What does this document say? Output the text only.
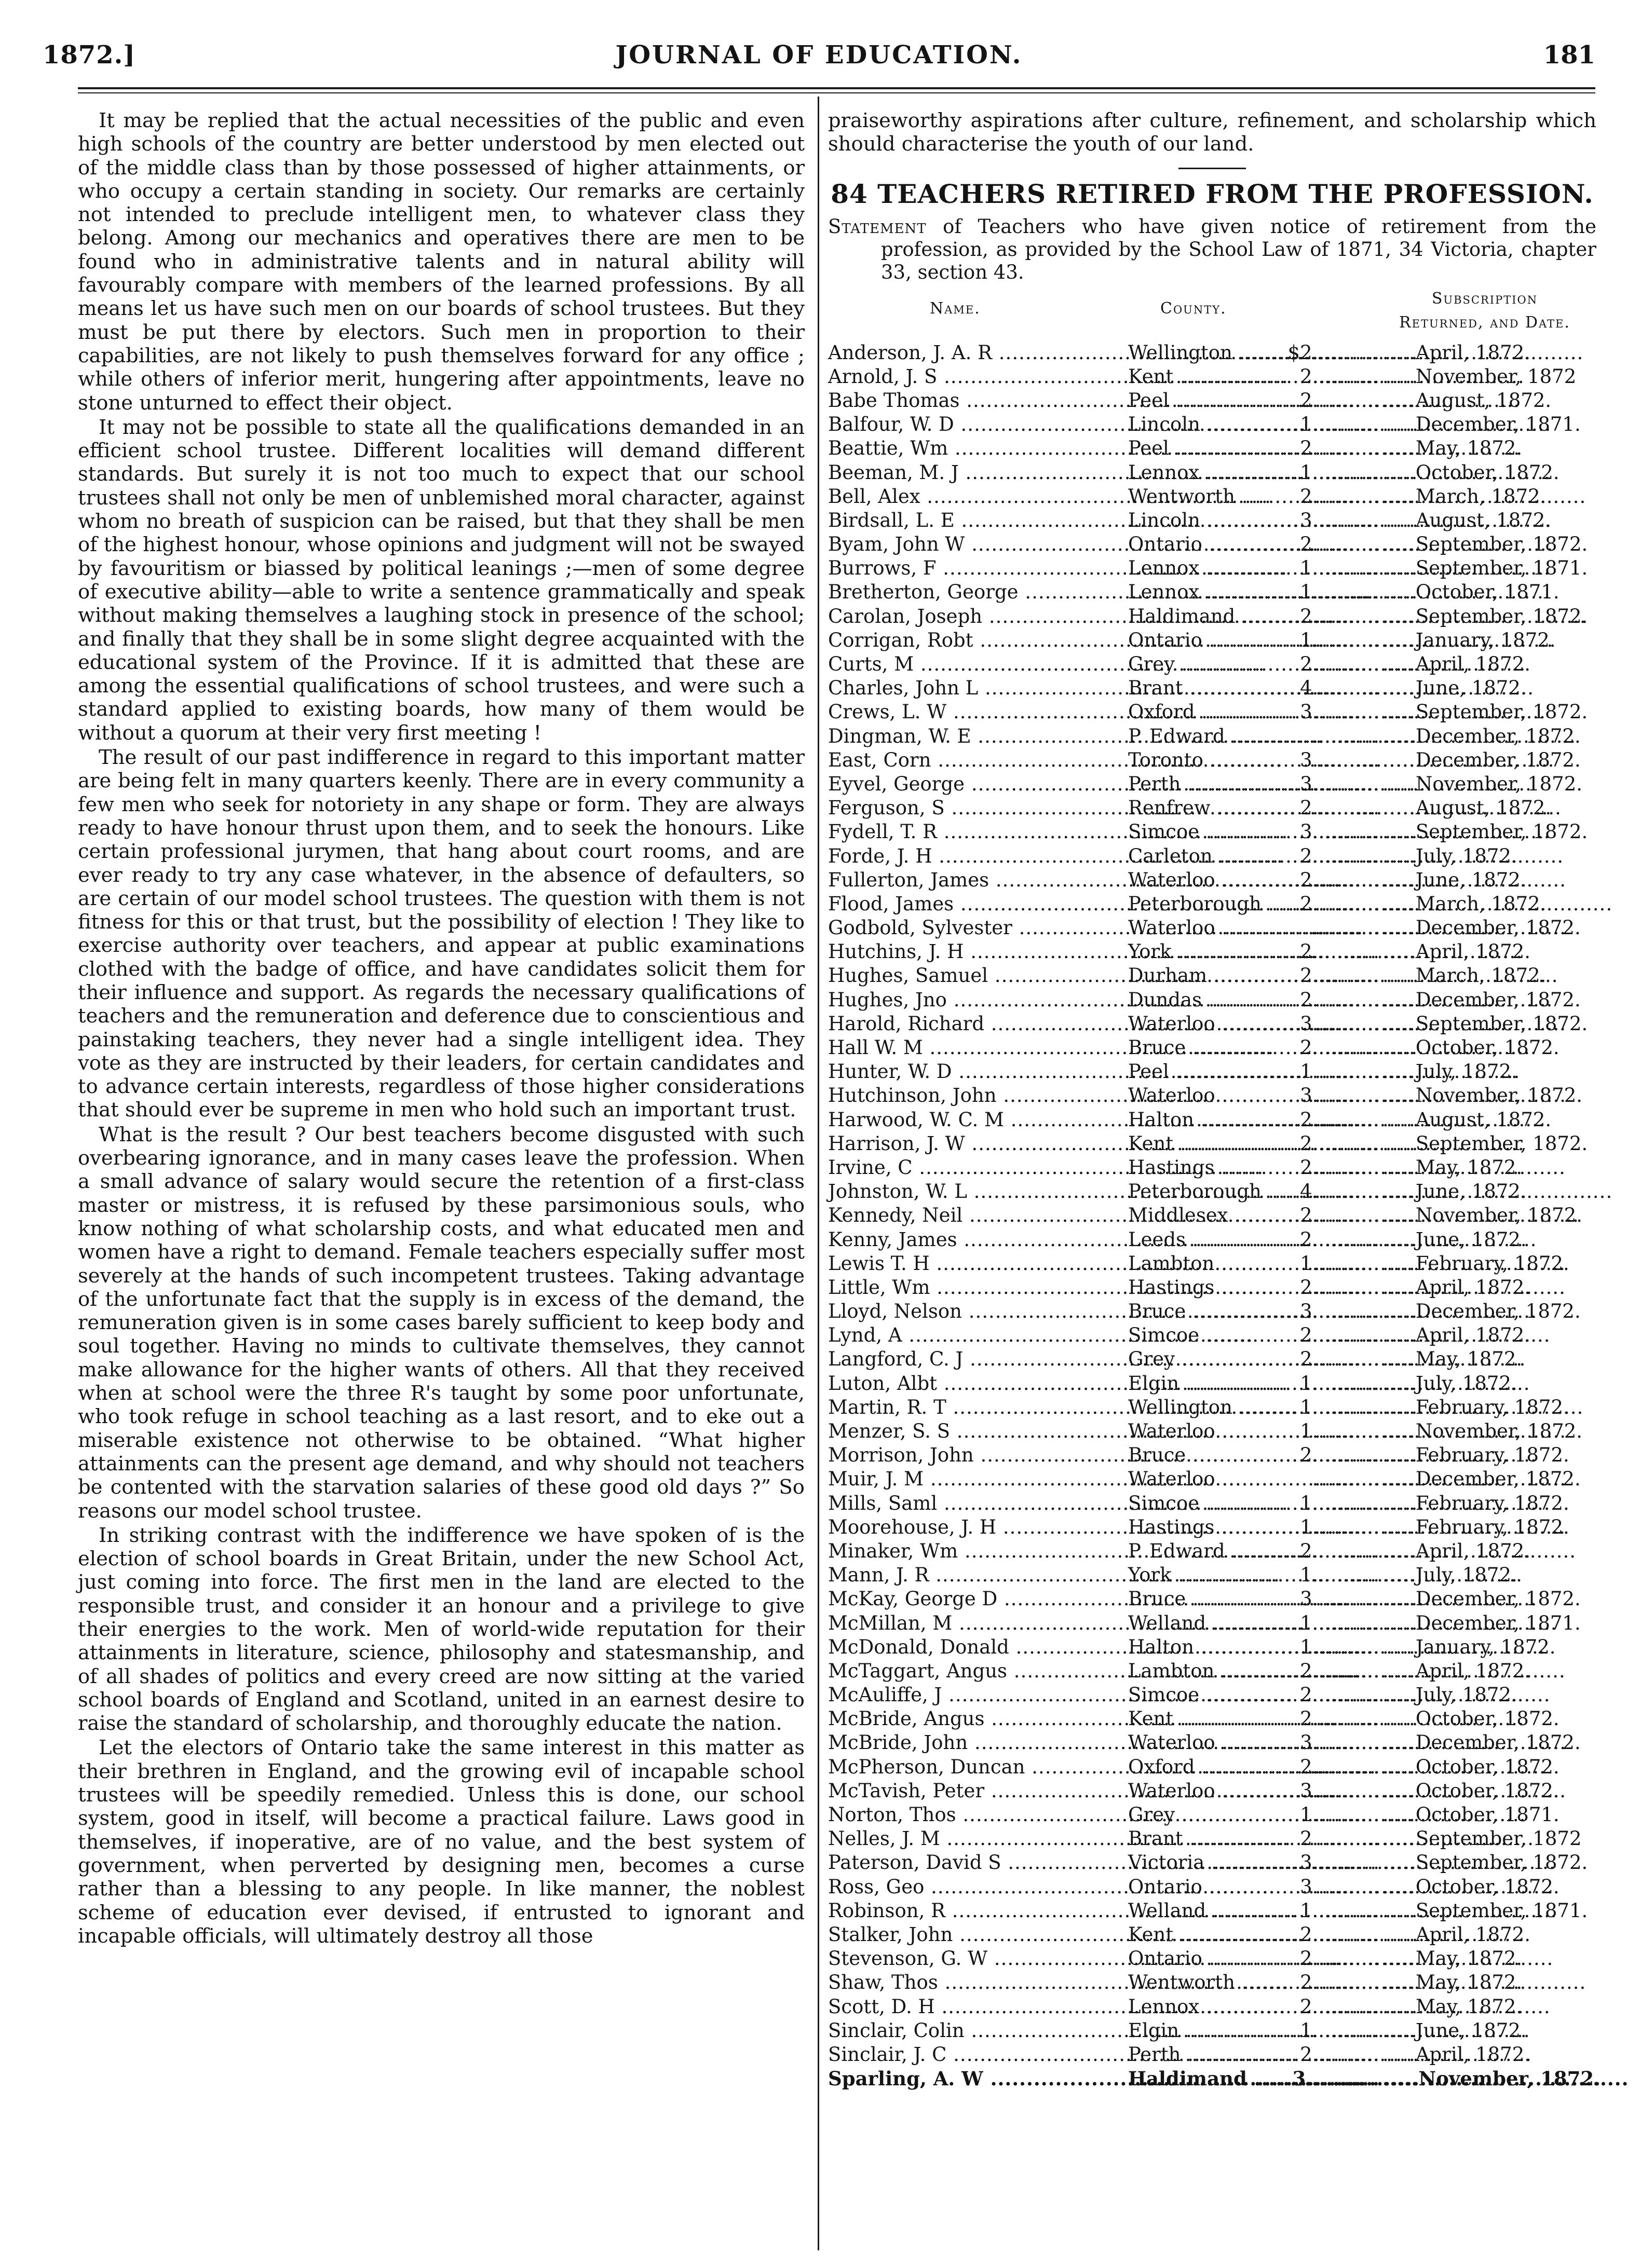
1872.]	JOURNAL OF EDUCATION.	181

It may be replied that the actual necessities of the public and even high schools of the country are better understood by men elected out of the middle class than by those possessed of higher attainments, or who occupy a certain standing in society. Our remarks are certainly not intended to preclude intelligent men, to whatever class they belong. Among our mechanics and operatives there are men to be found who in administrative talents and in natural ability will favourably compare with members of the learned professions. By all means let us have such men on our boards of school trustees. But they must be put there by electors. Such men in proportion to their capabilities, are not likely to push themselves forward for any office ; while others of inferior merit, hungering after appointments, leave no stone unturned to effect their object.

It may not be possible to state all the qualifications demanded in an efficient school trustee. Different localities will demand different standards. But surely it is not too much to expect that our school trustees shall not only be men of unblemished moral character, against whom no breath of suspicion can be raised, but that they shall be men of the highest honour, whose opinions and judgment will not be swayed by favouritism or biassed by political leanings ;—men of some degree of executive ability—able to write a sentence grammatically and speak without making themselves a laughing stock in presence of the school; and finally that they shall be in some slight degree acquainted with the educational system of the Province. If it is admitted that these are among the essential qualifications of school trustees, and were such a standard applied to existing boards, how many of them would be without a quorum at their very first meeting !

The result of our past indifference in regard to this important matter are being felt in many quarters keenly. There are in every community a few men who seek for notoriety in any shape or form. They are always ready to have honour thrust upon them, and to seek the honours. Like certain professional jurymen, that hang about court rooms, and are ever ready to try any case whatever, in the absence of defaulters, so are certain of our model school trustees. The question with them is not fitness for this or that trust, but the possibility of election ! They like to exercise authority over teachers, and appear at public examinations clothed with the badge of office, and have candidates solicit them for their influence and support. As regards the necessary qualifications of teachers and the remuneration and deference due to conscientious and painstaking teachers, they never had a single intelligent idea. They vote as they are instructed by their leaders, for certain candidates and to advance certain interests, regardless of those higher considerations that should ever be supreme in men who hold such an important trust.

What is the result ? Our best teachers become disgusted with such overbearing ignorance, and in many cases leave the profession. When a small advance of salary would secure the retention of a first-class master or mistress, it is refused by these parsimonious souls, who know nothing of what scholarship costs, and what educated men and women have a right to demand. Female teachers especially suffer most severely at the hands of such incompetent trustees. Taking advantage of the unfortunate fact that the supply is in excess of the demand, the remuneration given is in some cases barely sufficient to keep body and soul together. Having no minds to cultivate themselves, they cannot make allowance for the higher wants of others. All that they received when at school were the three R's taught by some poor unfortunate, who took refuge in school teaching as a last resort, and to eke out a miserable existence not otherwise to be obtained. “What higher attainments can the present age demand, and why should not teachers be contented with the starvation salaries of these good old days ?” So reasons our model school trustee.

In striking contrast with the indifference we have spoken of is the election of school boards in Great Britain, under the new School Act, just coming into force. The first men in the land are elected to the responsible trust, and consider it an honour and a privilege to give their energies to the work. Men of world-wide reputation for their attainments in literature, science, philosophy and statesmanship, and of all shades of politics and every creed are now sitting at the varied school boards of England and Scotland, united in an earnest desire to raise the standard of scholarship, and thoroughly educate the nation.

Let the electors of Ontario take the same interest in this matter as their brethren in England, and the growing evil of incapable school trustees will be speedily remedied. Unless this is done, our school system, good in itself, will become a practical failure. Laws good in themselves, if inoperative, are of no value, and the best system of government, when perverted by designing men, becomes a curse rather than a blessing to any people. In like manner, the noblest scheme of education ever devised, if entrusted to ignorant and incapable officials, will ultimately destroy all those

praiseworthy aspirations after culture, refinement, and scholarship which should characterise the youth of our land.

84 TEACHERS RETIRED FROM THE PROFESSION.

Statement of Teachers who have given notice of retirement from the profession, as provided by the School Law of 1871, 34 Victoria, chapter 33, section 43.

Name.	County.
Subscription
Returned, and Date.
Anderson, J. A. R .....	Wellington .....	..... $2	..... April, 1872.
Arnold, J. S .....	Kent .....	..... 2	..... November, 1872
Babe Thomas .....	Peel .....	..... 2	..... August, 1872.
Balfour, W. D .....	Lincoln .....	..... 1	..... December, 1871.
Beattie, Wm .....	Peel .....	..... 2	..... May, 1872.
Beeman, M. J .....	Lennox .....	..... 1	..... October, 1872.
Bell, Alex .....	Wentworth .....	..... 2	..... March, 1872.
Birdsall, L. E .....	Lincoln .....	..... 3	..... August, 1872.
Byam, John W .....	Ontario .....	..... 2	..... September, 1872.
Burrows, F .....	Lennox .....	..... 1	..... September, 1871.
Bretherton, George .....	Lennox .....	..... 1	..... October, 1871.
Carolan, Joseph .....	Haldimand .....	..... 2	..... September, 1872.
Corrigan, Robt .....	Ontario .....	..... 1	..... January, 1872.
Curts, M .....	Grey .....	..... 2	..... April, 1872.
Charles, John L .....	Brant .....	..... 4	..... June, 1872.
Crews, L. W .....	Oxford .....	..... 3	..... September, 1872.
Dingman, W. E .....	P. Edward ..... .....	..... December, 1872.
East, Corn .....	Toronto .....	..... 3	..... December, 1872.
Eyvel, George .....	Perth .....	..... 3	..... November, 1872.
Ferguson, S .....	Renfrew .....	..... 2	..... August, 1872.
Fydell, T. R .....	Simcoe .....	..... 3	..... September, 1872.
Forde, J. H .....	Carleton .....	..... 2	..... July, 1872.
Fullerton, James .....	Waterloo .....	..... 2	..... June, 1872.
Flood, James .....	Peterborough .....	..... 2	..... March, 1872.
Godbold, Sylvester .....	Waterloo ..... .....	..... December, 1872.
Hutchins, J. H .....	York .....	..... 2	..... April, 1872.
Hughes, Samuel .....	Durham .....	..... 2	..... March, 1872.
Hughes, Jno .....	Dundas .....	..... 2	..... December, 1872.
Harold, Richard .....	Waterloo .....	..... 3	..... September, 1872.
Hall W. M .....	Bruce .....	..... 2	..... October, 1872.
Hunter, W. D .....	Peel .....	..... 1	..... July, 1872.
Hutchinson, John .....	Waterloo .....	..... 3	..... November, 1872.
Harwood, W. C. M .....	Halton .....	..... 2	..... August, 1872.
Harrison, J. W .....	Kent .....	..... 2	..... September, 1872.
Irvine, C .....	Hastings .....	..... 2	..... May, 1872.
Johnston, W. L .....	Peterborough .....	..... 4	..... June, 1872.
Kennedy, Neil .....	Middlesex .....	..... 2	..... November, 1872.
Kenny, James .....	Leeds .....	..... 2	..... June, 1872.
Lewis T. H .....	Lambton .....	..... 1	..... February, 1872.
Little, Wm .....	Hastings .....	..... 2	..... April, 1872.
Lloyd, Nelson .....	Bruce .....	..... 3	..... December, 1872.
Lynd, A .....	Simcoe .....	..... 2	..... April, 1872.
Langford, C. J .....	Grey .....	..... 2	..... May, 1872.
Luton, Albt .....	Elgin .....	..... 1	..... July, 1872.
Martin, R. T .....	Wellington .....	..... 1	..... February, 1872.
Menzer, S. S .....	Waterloo .....	..... 1	..... November, 1872.
Morrison, John .....	Bruce .....	..... 2	..... February, 1872.
Muir, J. M .....	Waterloo ..... .....	..... December, 1872.
Mills, Saml .....	Simcoe .....	..... 1	..... February, 1872.
Moorehouse, J. H .....	Hastings .....	..... 1	..... February, 1872.
Minaker, Wm .....	P. Edward .....	..... 2	..... April, 1872.
Mann, J. R .....	York .....	..... 1	..... July, 1872.
McKay, George D .....	Bruce .....	..... 3	..... December, 1872.
McMillan, M .....	Welland .....	..... 1	..... December, 1871.
McDonald, Donald .....	Halton .....	..... 1	..... January, 1872.
McTaggart, Angus .....	Lambton .....	..... 2	..... April, 1872.
McAuliffe, J .....	Simcoe .....	..... 2	..... July, 1872.
McBride, Angus .....	Kent .....	..... 2	..... October, 1872.
McBride, John .....	Waterloo .....	..... 3	..... December, 1872.
McPherson, Duncan .....	Oxford .....	..... 2	..... October, 1872.
McTavish, Peter .....	Waterloo .....	..... 3	..... October, 1872.
Norton, Thos .....	Grey .....	..... 1	..... October, 1871.
Nelles, J. M .....	Brant .....	..... 2	..... September, 1872
Paterson, David S .....	Victoria .....	..... 3	..... September, 1872.
Ross, Geo .....	Ontario .....	..... 3	..... October, 1872.
Robinson, R .....	Welland .....	..... 1	..... September, 1871.
Stalker, John .....	Kent .....	..... 2	..... April, 1872.
Stevenson, G. W .....	Ontario .....	..... 2	..... May, 1872.
Shaw, Thos .....	Wentworth .....	..... 2	..... May, 1872.
Scott, D. H .....	Lennox .....	..... 2	..... May, 1872.
Sinclair, Colin .....	Elgin .....	..... 1	..... June, 1872.
Sinclair, J. C .....	Perth .....	..... 2	..... April, 1872.
Sparling, A. W .....	Haldimand .....	..... 3	..... November, 1872.
